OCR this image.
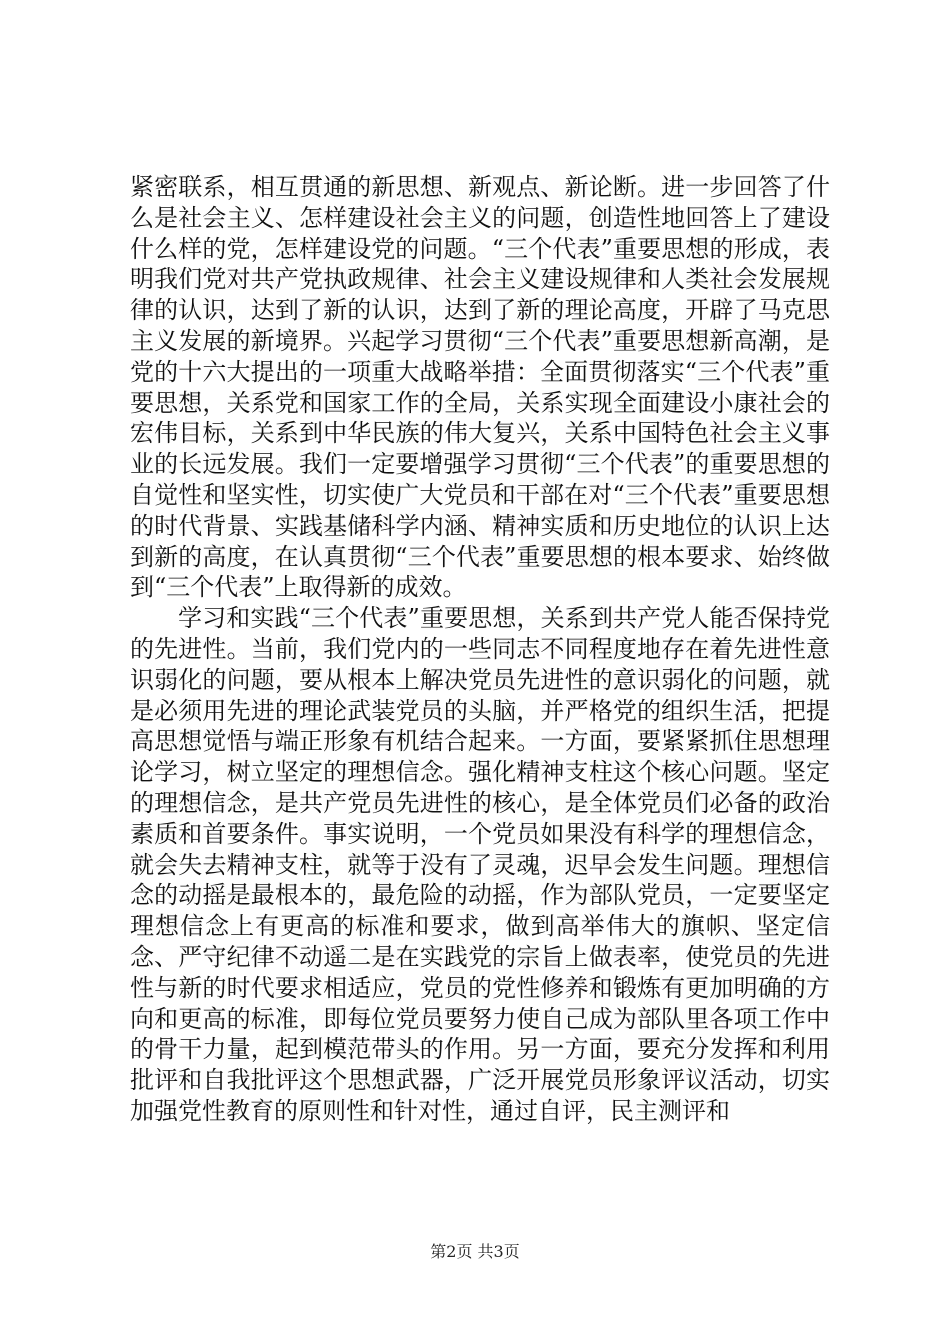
紧密联系，相互贯通的新思想、新观点、新论断。进一步回答了什么是社会主义、怎样建设社会主义的问题，创造性地回答上了建设什么样的党，怎样建设党的问题。“三个代表”重要思想的形成，表明我们党对共产党执政规律、社会主义建设规律和人类社会发展规律的认识，达到了新的认识，达到了新的理论高度，开辟了马克思主义发展的新境界。兴起学习贯彻“三个代表”重要思想新高潮，是党的十六大提出的一项重大战略举措：全面贯彻落实“三个代表”重要思想，关系党和国家工作的全局，关系实现全面建设小康社会的宏伟目标，关系到中华民族的伟大复兴，关系中国特色社会主义事业的长远发展。我们一定要增强学习贯彻“三个代表”的重要思想的自觉性和坚实性，切实使广大党员和干部在对“三个代表”重要思想的时代背景、实践基储科学内涵、精神实质和历史地位的认识上达到新的高度，在认真贯彻“三个代表”重要思想的根本要求、始终做到“三个代表”上取得新的成效。

学习和实践“三个代表”重要思想，关系到共产党人能否保持党的先进性。当前，我们党内的一些同志不同程度地存在着先进性意识弱化的问题，要从根本上解决党员先进性的意识弱化的问题，就是必须用先进的理论武装党员的头脑，并严格党的组织生活，把提高思想觉悟与端正形象有机结合起来。一方面，要紧紧抓住思想理论学习，树立坚定的理想信念。强化精神支柱这个核心问题。坚定的理想信念，是共产党员先进性的核心，是全体党员们必备的政治素质和首要条件。事实说明，一个党员如果没有科学的理想信念，就会失去精神支柱，就等于没有了灵魂，迟早会发生问题。理想信念的动摇是最根本的，最危险的动摇，作为部队党员，一定要坚定理想信念上有更高的标准和要求，做到高举伟大的旗帜、坚定信念、严守纪律不动遥二是在实践党的宗旨上做表率，使党员的先进性与新的时代要求相适应，党员的党性修养和锻炼有更加明确的方向和更高的标准，即每位党员要努力使自己成为部队里各项工作中的骨干力量，起到模范带头的作用。另一方面，要充分发挥和利用批评和自我批评这个思想武器，广泛开展党员形象评议活动，切实加强党性教育的原则性和针对性，通过自评，民主测评和

第2页 共3页
